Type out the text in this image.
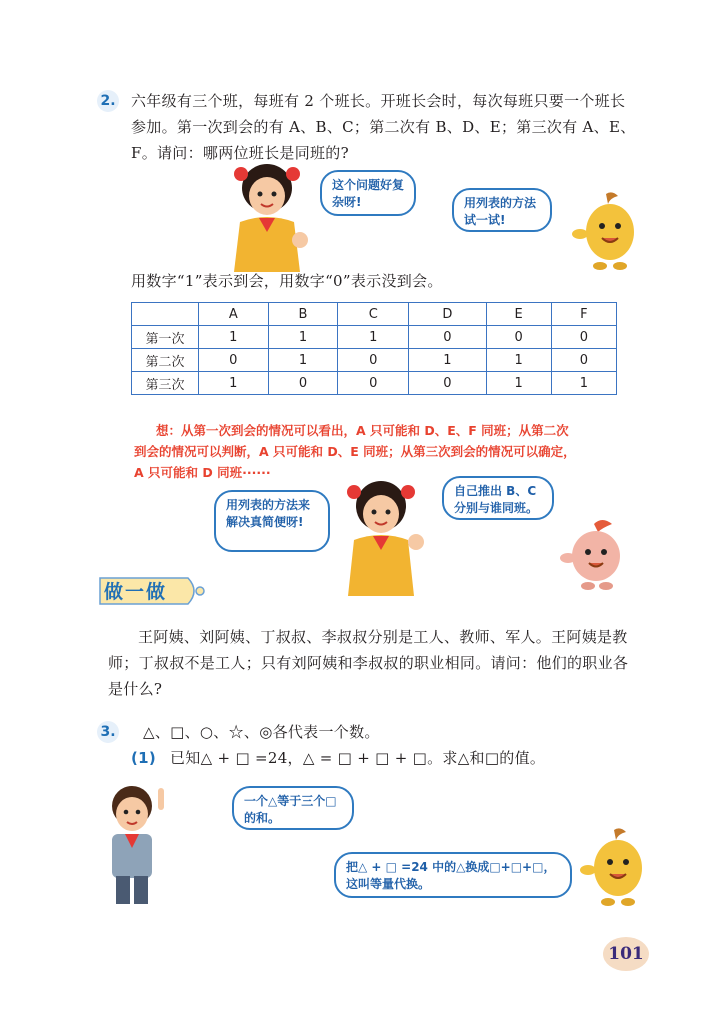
2. 六年级有三个班，每班有 2 个班长。开班长会时，每次每班只要一个班长
参加。第一次到会的有 A、B、C；第二次有 B、D、E；第三次有 A、E、
F。请问：哪两位班长是同班的?
这个问题好复杂呀!	用列表的方法试一试!
用数字“1”表示到会，用数字“0”表示没到会。
	A	B	C	D	E	F
第一次	1	1	1	0	0	0
第二次	0	1	0	1	1	0
第三次	1	0	0	0	1	1
想：从第一次到会的情况可以看出，A 只可能和 D、E、F 同班；从第二次
到会的情况可以判断，A 只可能和 D、E 同班；从第三次到会的情况可以确定，
A 只可能和 D 同班······
用列表的方法来解决真简便呀!
自己推出 B、C 分别与谁同班。
做一做
王阿姨、刘阿姨、丁叔叔、李叔叔分别是工人、教师、军人。王阿姨是教
师；丁叔叔不是工人；只有刘阿姨和李叔叔的职业相同。请问：他们的职业各
是什么?
3. △、□、○、☆、◎各代表一个数。
(1) 已知△ + □ =24，△ = □ + □ + □。求△和□的值。
一个△等于三个□的和。
把△ + □ =24 中的△换成□+□+□，这叫等量代换。
101
